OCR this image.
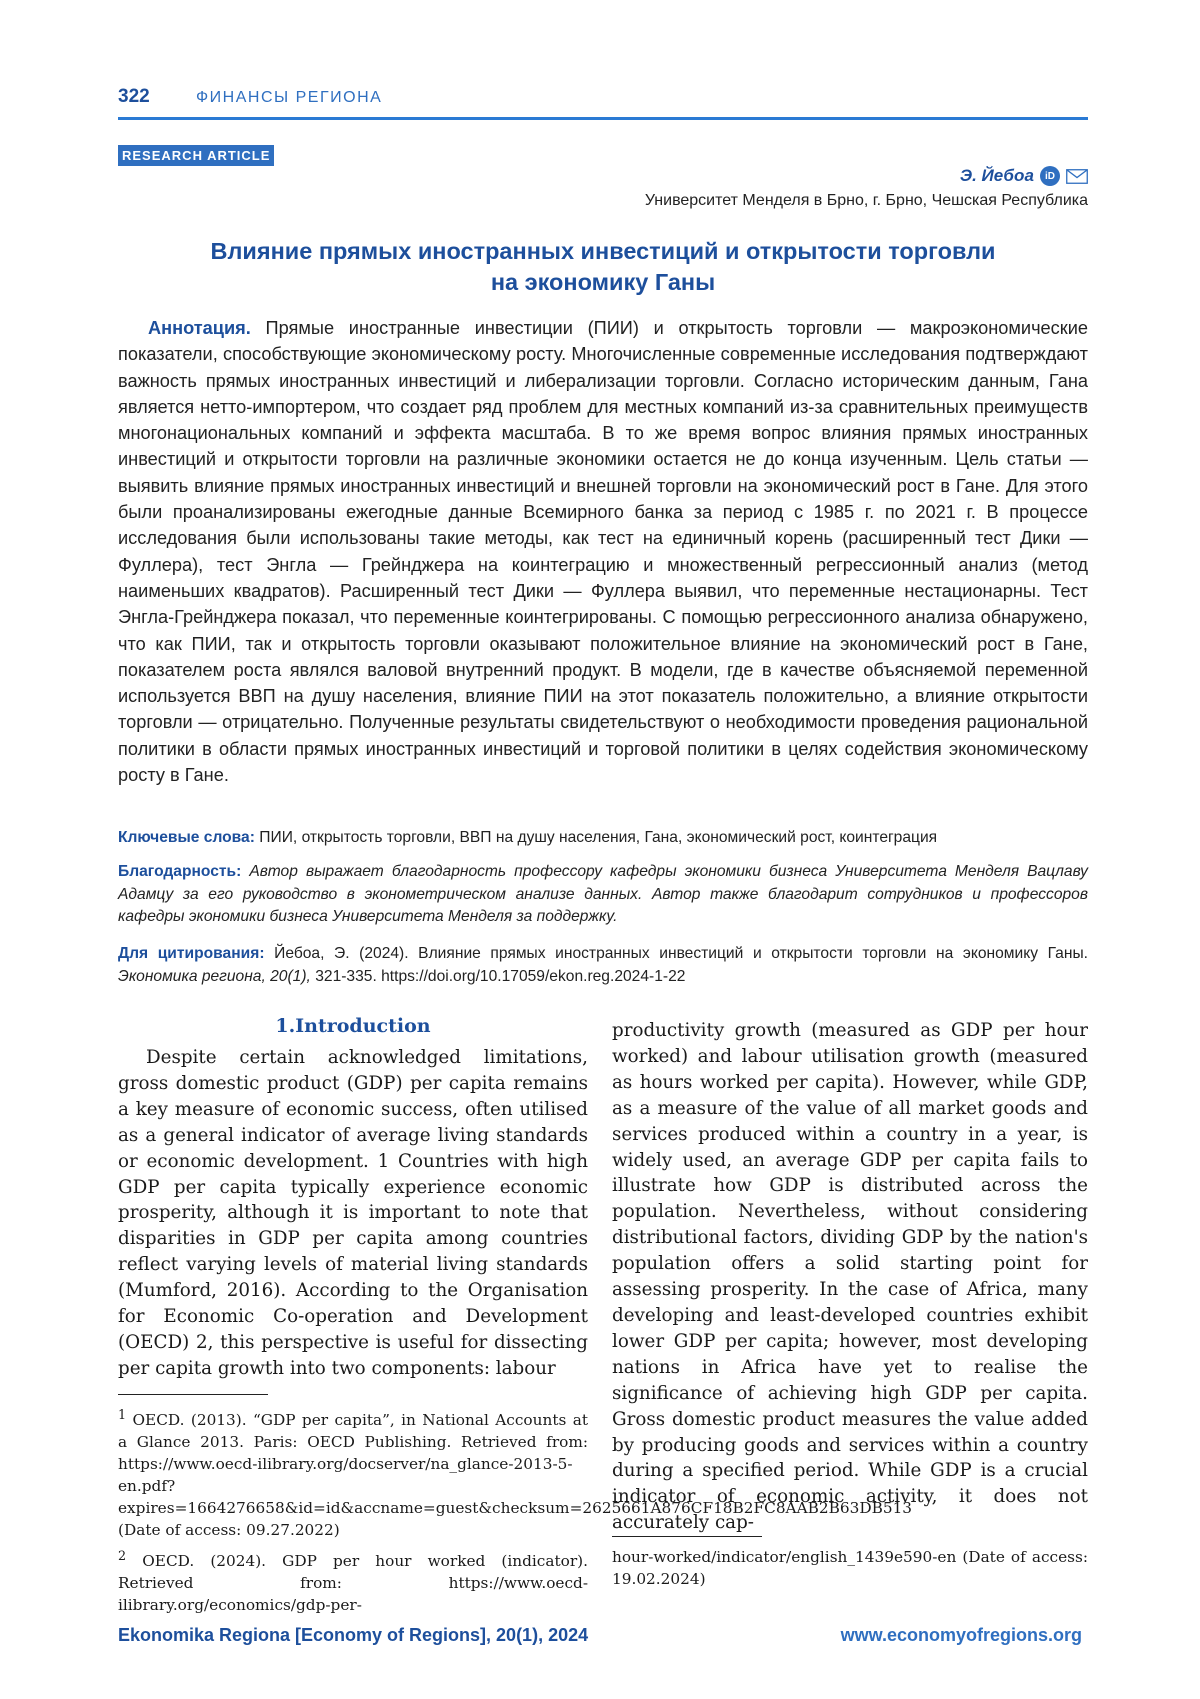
322	ФИНАНСЫ РЕГИОНА
RESEARCH ARTICLE
Э. Йебоа	iD
Университет Менделя в Брно, г. Брно, Чешская Республика
Влияние прямых иностранных инвестиций и открытости торговли
на экономику Ганы
Аннотация. Прямые иностранные инвестиции (ПИИ) и открытость торговли — макроэкономические показатели, способствующие экономическому росту. Многочисленные современные исследования подтверждают важность прямых иностранных инвестиций и либерализации торговли. Согласно историческим данным, Гана является нетто-импортером, что создает ряд проблем для местных компаний из-за сравнительных преимуществ многонациональных компаний и эффекта масштаба. В то же время вопрос влияния прямых иностранных инвестиций и открытости торговли на различные экономики остается не до конца изученным. Цель статьи — выявить влияние прямых иностранных инвестиций и внешней торговли на экономический рост в Гане. Для этого были проанализированы ежегодные данные Всемирного банка за период с 1985 г. по 2021 г. В процессе исследования были использованы такие методы, как тест на единичный корень (расширенный тест Дики — Фуллера), тест Энгла — Грейнджера на коинтеграцию и множественный регрессионный анализ (метод наименьших квадратов). Расширенный тест Дики — Фуллера выявил, что переменные нестационарны. Тест Энгла-Грейнджера показал, что переменные коинтегрированы. С помощью регрессионного анализа обнаружено, что как ПИИ, так и открытость торговли оказывают положительное влияние на экономический рост в Гане, показателем роста являлся валовой внутренний продукт. В модели, где в качестве объясняемой переменной используется ВВП на душу населения, влияние ПИИ на этот показатель положительно, а влияние открытости торговли — отрицательно. Полученные результаты свидетельствуют о необходимости проведения рациональной политики в области прямых иностранных инвестиций и торговой политики в целях содействия экономическому росту в Гане.
Ключевые слова: ПИИ, открытость торговли, ВВП на душу населения, Гана, экономический рост, коинтеграция
Благодарность: Автор выражает благодарность профессору кафедры экономики бизнеса Университета Менделя Вацлаву Адамцу за его руководство в эконометрическом анализе данных. Автор также благодарит сотрудников и профессоров кафедры экономики бизнеса Университета Менделя за поддержку.
Для цитирования: Йебоа, Э. (2024). Влияние прямых иностранных инвестиций и открытости торговли на экономику Ганы. Экономика региона, 20(1), 321-335. https://doi.org/10.17059/ekon.reg.2024-1-22
1.Introduction
Despite certain acknowledged limitations, gross domestic product (GDP) per capita remains a key measure of economic success, often utilised as a general indicator of average living standards or economic development. 1 Countries with high GDP per capita typically experience economic prosperity, although it is important to note that disparities in GDP per capita among countries reflect varying levels of material living standards (Mumford, 2016). According to the Organisation for Economic Co-operation and Development (OECD) 2, this perspective is useful for dissecting per capita growth into two components: labour
productivity growth (measured as GDP per hour worked) and labour utilisation growth (measured as hours worked per capita). However, while GDP, as a measure of the value of all market goods and services produced within a country in a year, is widely used, an average GDP per capita fails to illustrate how GDP is distributed across the population. Nevertheless, without considering distributional factors, dividing GDP by the nation's population offers a solid starting point for assessing prosperity. In the case of Africa, many developing and least-developed countries exhibit lower GDP per capita; however, most developing nations in Africa have yet to realise the significance of achieving high GDP per capita. Gross domestic product measures the value added by producing goods and services within a country during a specified period. While GDP is a crucial indicator of economic activity, it does not accurately cap-
$^1$ OECD. (2013). “GDP per capita”, in National Accounts at a Glance 2013. Paris: OECD Publishing. Retrieved from: https://www.oecd-ilibrary.org/docserver/na_glance-2013-5-en.pdf?expires=1664276658&id=id&accname=guest&checksum=2625661A876CF18B2FC8AAB2B63DB513 (Date of access: 09.27.2022)
$^2$ OECD. (2024). GDP per hour worked (indicator). Retrieved from: https://www.oecd-ilibrary.org/economics/gdp-per-
hour-worked/indicator/english_1439e590-en (Date of access: 19.02.2024)
Ekonomika Regiona [Economy of Regions], 20(1), 2024	www.economyofregions.org
